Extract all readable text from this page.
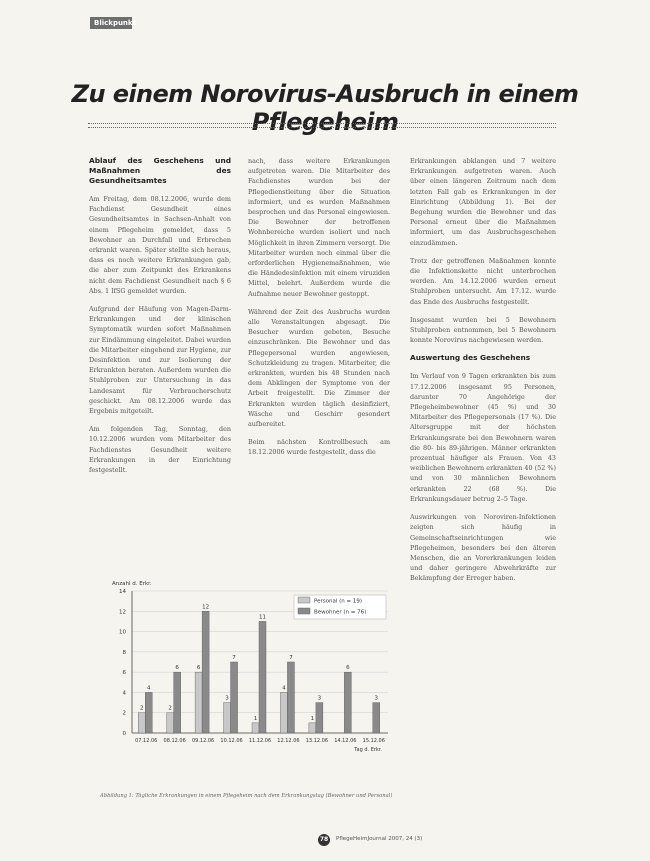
Blickpunkt
Zu einem Norovirus-Ausbruch in einem Pflegeheim
Ablauf des Geschehens und Maßnahmen des Gesundheitsamtes

Am Freitag, dem 08.12.2006, wurde dem Fachdienst Gesundheit eines Gesundheitsamtes in Sachsen-Anhalt von einem Pflegeheim gemeldet, dass 5 Bewohner an Durchfall und Erbrechen erkrankt waren. Später stellte sich heraus, dass es noch weitere Erkrankungen gab, die aber zum Zeitpunkt des Erkrankens nicht dem Fachdienst Gesundheit nach § 6 Abs. 1 IfSG gemeldet wurden.

Aufgrund der Häufung von Magen-Darm-Erkrankungen und der klinischen Symptomatik wurden sofort Maßnahmen zur Eindämmung eingeleitet. Dabei wurden die Mitarbeiter eingehend zur Hygiene, zur Desinfektion und zur Isolierung der Erkrankten beraten. Außerdem wurden die Stuhlproben zur Untersuchung in das Landesamt für Verbraucherschutz geschickt. Am 08.12.2006 wurde das Ergebnis mitgeteilt.

Am folgenden Tag, Sonntag, den 10.12.2006 wurden vom Mitarbeiter des Fachdienstes Gesundheit weitere Erkrankungen in der Einrichtung festgestellt.

nach, dass weitere Erkrankungen aufgetreten waren. Die Mitarbeiter des Fachdienstes wurden bei der Pflegedienstleitung über die Situation informiert, und es wurden Maßnahmen besprochen und das Personal eingewiesen. Die Bewohner der betroffenen Wohnbereiche wurden isoliert und nach Möglichkeit in ihren Zimmern versorgt. Die Mitarbeiter wurden noch einmal über die erforderlichen Hygienemaßnahmen, wie die Händedesinfektion mit einem viruziden Mittel, belehrt. Außerdem wurde die Aufnahme neuer Bewohner gestoppt.

Während der Zeit des Ausbruchs wurden alle Veranstaltungen abgesagt. Die Besucher wurden gebeten, Besuche einzuschränken. Die Bewohner und das Pflegepersonal wurden angewiesen, Schutzkleidung zu tragen. Mitarbeiter, die erkrankten, wurden bis 48 Stunden nach dem Abklingen der Symptome von der Arbeit freigestellt. Die Zimmer der Erkrankten wurden täglich desinfiziert, Wäsche und Geschirr gesondert aufbereitet.

Beim nächsten Kontrollbesuch am 18.12.2006 wurde festgestellt, dass die

Erkrankungen abklangen und 7 weitere Erkrankungen aufgetreten waren. Auch über einen längeren Zeitraum nach dem letzten Fall gab es Erkrankungen in der Einrichtung (Abbildung 1). Bei der Begehung wurden die Bewohner und das Personal erneut über die Maßnahmen informiert, um das Ausbruchsgeschehen einzudämmen.

Trotz der getroffenen Maßnahmen konnte die Infektionskette nicht unterbrochen werden. Am 14.12.2006 wurden erneut Stuhlproben untersucht. Am 17.12. wurde das Ende des Ausbruchs festgestellt.

Insgesamt wurden bei 5 Bewohnern Stuhlproben entnommen, bei 5 Bewohnern konnte Norovirus nachgewiesen werden.

Auswertung des Geschehens

Im Verlauf von 9 Tagen erkrankten bis zum 17.12.2006 insgesamt 95 Personen, darunter 70 Angehörige der Pflegeheimbewohner (45 %) und 30 Mitarbeiter des Pflegepersonals (17 %). Die Altersgruppe mit der höchsten Erkrankungsrate bei den Bewohnern waren die 80- bis 89-jährigen. Männer erkrankten prozentual häufiger als Frauen. Von 43 weiblichen Bewohnern erkrankten 40 (52 %) und von 30 männlichen Bewohnern erkrankten 22 (68 %). Die Erkrankungsdauer betrug 2–5 Tage.

Auswirkungen von Noroviren-Infektionen zeigten sich häufig in Gemeinschaftseinrichtungen wie Pflegeheimen, besonders bei den älteren Menschen, die an Vorerkrankungen leiden und daher geringere Abwehrkräfte zur Bekämpfung der Erreger haben.

Anzahl d. Erkr.
0
2
4
6
8
10
12
14
2
4
07.12.06
2
6
08.12.06
6
12
09.12.06
3
7
10.12.06
1
11
11.12.06
4
7
12.12.06
1
3
13.12.06
6
14.12.06
3
15.12.06
Tag d. Erkr.
Personal (n = 19)
Bewohner (n = 76)
Abbildung 1: Tägliche Erkrankungen in einem Pflegeheim nach dem Erkrankungstag (Bewohner und Personal)
78	PflegeHeimJournal 2007, 24 (3)
